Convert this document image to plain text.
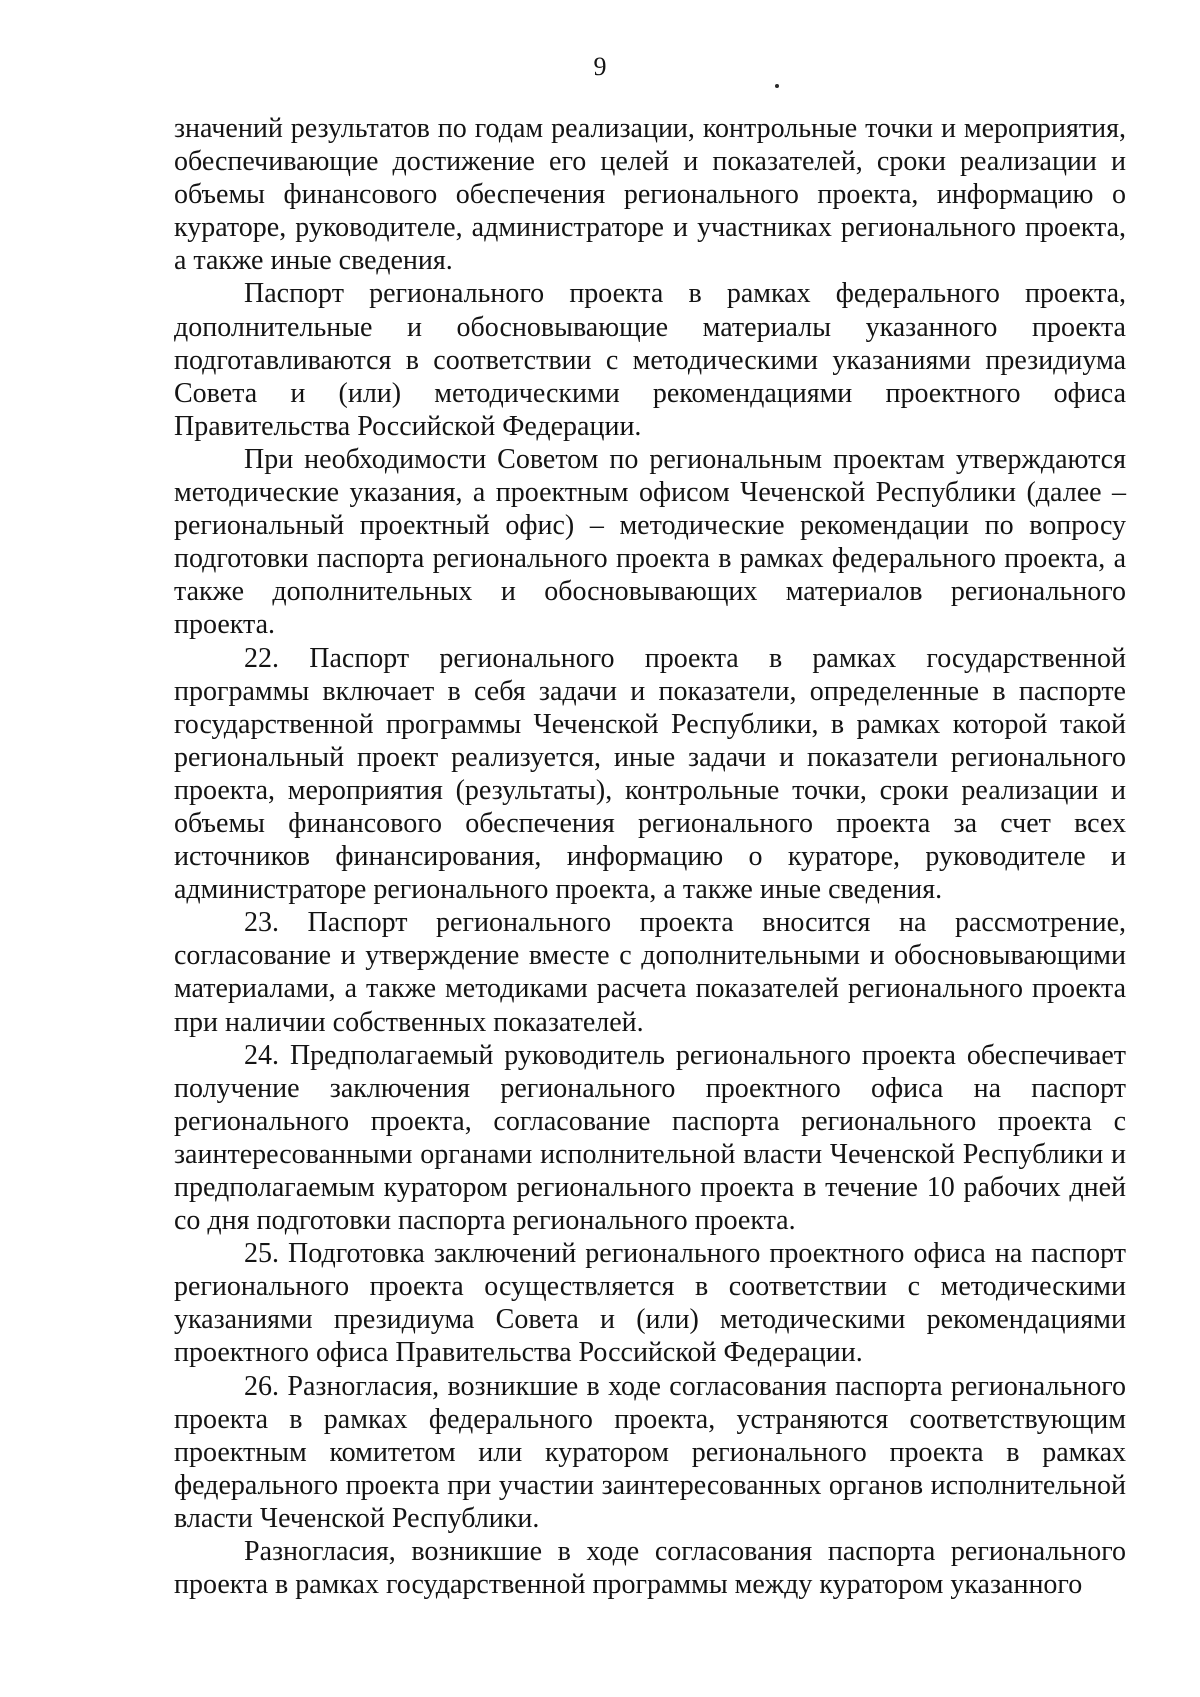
9

значений результатов по годам реализации, контрольные точки и мероприятия, обеспечивающие достижение его целей и показателей, сроки реализации и объемы финансового обеспечения регионального проекта, информацию о кураторе, руководителе, администраторе и участниках регионального проекта, а также иные сведения.

Паспорт регионального проекта в рамках федерального проекта, дополнительные и обосновывающие материалы указанного проекта подготавливаются в соответствии с методическими указаниями президиума Совета и (или) методическими рекомендациями проектного офиса Правительства Российской Федерации.

При необходимости Советом по региональным проектам утверждаются методические указания, а проектным офисом Чеченской Республики (далее – региональный проектный офис) – методические рекомендации по вопросу подготовки паспорта регионального проекта в рамках федерального проекта, а также дополнительных и обосновывающих материалов регионального проекта.

22. Паспорт регионального проекта в рамках государственной программы включает в себя задачи и показатели, определенные в паспорте государственной программы Чеченской Республики, в рамках которой такой региональный проект реализуется, иные задачи и показатели регионального проекта, мероприятия (результаты), контрольные точки, сроки реализации и объемы финансового обеспечения регионального проекта за счет всех источников финансирования, информацию о кураторе, руководителе и администраторе регионального проекта, а также иные сведения.

23. Паспорт регионального проекта вносится на рассмотрение, согласование и утверждение вместе с дополнительными и обосновывающими материалами, а также методиками расчета показателей регионального проекта при наличии собственных показателей.

24. Предполагаемый руководитель регионального проекта обеспечивает получение заключения регионального проектного офиса на паспорт регионального проекта, согласование паспорта регионального проекта с заинтересованными органами исполнительной власти Чеченской Республики и предполагаемым куратором регионального проекта в течение 10 рабочих дней со дня подготовки паспорта регионального проекта.

25. Подготовка заключений регионального проектного офиса на паспорт регионального проекта осуществляется в соответствии с методическими указаниями президиума Совета и (или) методическими рекомендациями проектного офиса Правительства Российской Федерации.

26. Разногласия, возникшие в ходе согласования паспорта регионального проекта в рамках федерального проекта, устраняются соответствующим проектным комитетом или куратором регионального проекта в рамках федерального проекта при участии заинтересованных органов исполнительной власти Чеченской Республики.

Разногласия, возникшие в ходе согласования паспорта регионального проекта в рамках государственной программы между куратором указанного
